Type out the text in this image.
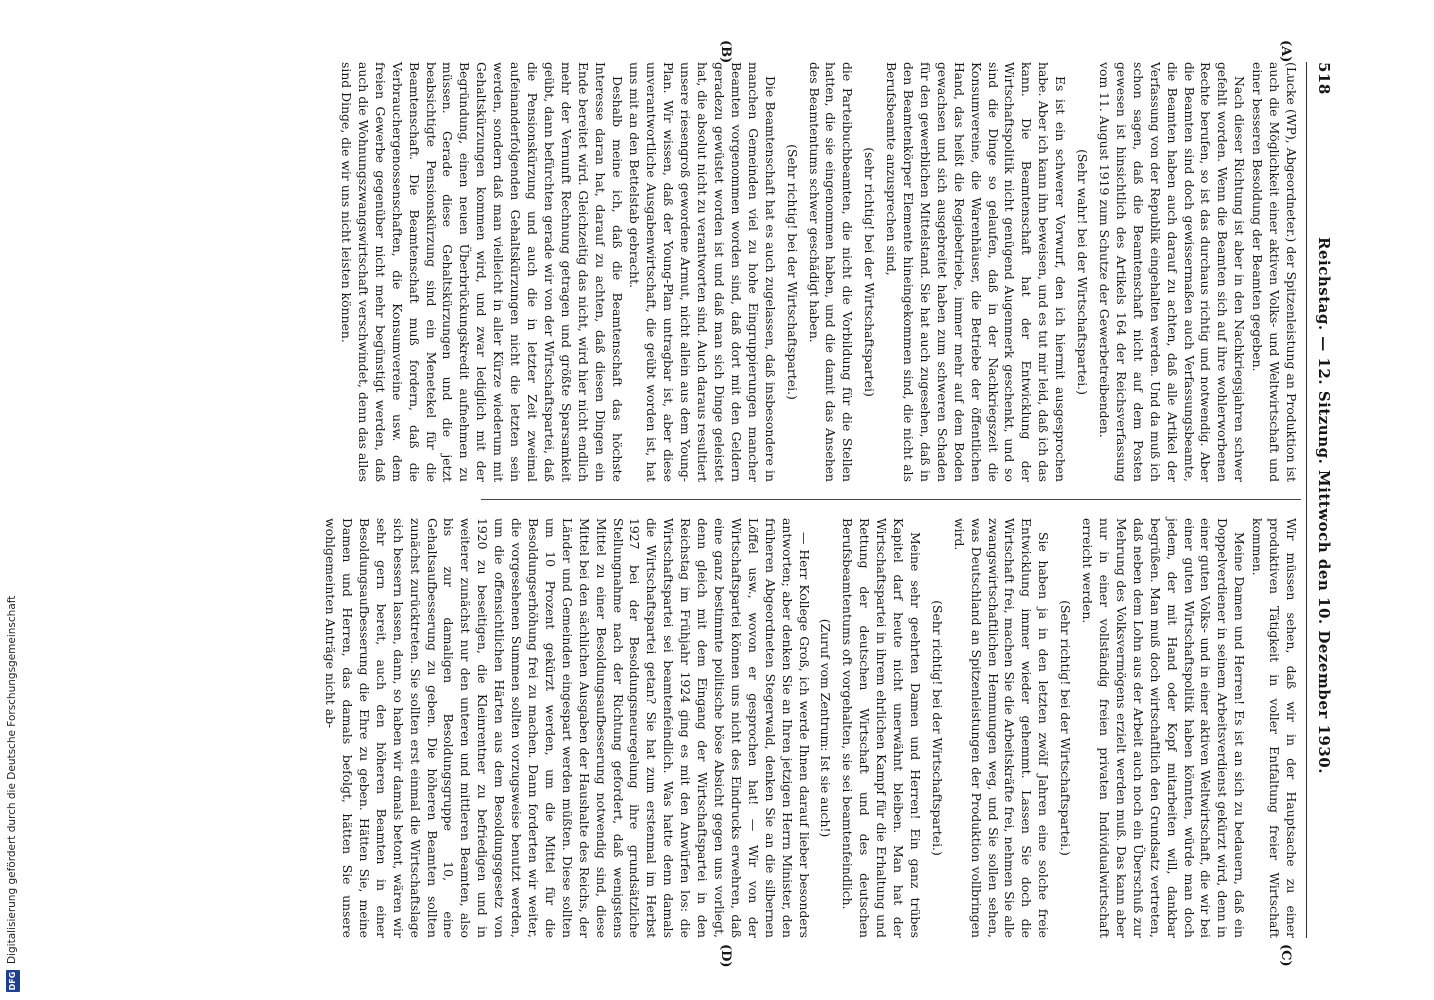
518
Reichstag. — 12. Sitzung. Mittwoch den 10. Dezember 1930.
(A)
(B)
(C)
(D)

(Lucke (WP), Abgeordneter.) der Spitzenleistung an Produktion ist auch die Möglichkeit einer aktiven Volks- und Weltwirtschaft und einer besseren Besoldung der Beamten gegeben.

Nach dieser Richtung ist aber in den Nachkriegsjahren schwer gefehlt worden. Wenn die Beamten sich auf ihre wohlerworbenen Rechte berufen, so ist das durchaus richtig und notwendig. Aber die Beamten sind doch gewissermaßen auch Verfassungsbeamte, die Beamten haben auch darauf zu achten, daß alle Artikel der Verfassung von der Republik eingehalten werden. Und da muß ich schon sagen, daß die Beamtenschaft nicht auf dem Posten gewesen ist hinsichtlich des Artikels 164 der Reichsverfassung vom 11. August 1919 zum Schutze der Gewerbetreibenden.

(Sehr wahr! bei der Wirtschaftspartei.)

Es ist ein schwerer Vorwurf, den ich hiermit ausgesprochen habe. Aber ich kann ihn beweisen, und es tut mir leid, daß ich das kann. Die Beamtenschaft hat der Entwicklung der Wirtschaftspolitik nicht genügend Augenmerk geschenkt, und so sind die Dinge so gelaufen, daß in der Nachkriegszeit die Konsumvereine, die Warenhäuser, die Betriebe der öffentlichen Hand, das heißt die Regiebetriebe, immer mehr auf dem Boden gewachsen und sich ausgebreitet haben zum schweren Schaden für den gewerblichen Mittelstand. Sie hat auch zugesehen, daß in den Beamtenkörper Elemente hineingekommen sind, die nicht als Berufsbeamte anzusprechen sind,

(sehr richtig! bei der Wirtschaftspartei)

die Parteibuchbeamten, die nicht die Vorbildung für die Stellen hatten, die sie eingenommen haben, und die damit das Ansehen des Beamtentums schwer geschädigt haben.

(Sehr richtig! bei der Wirtschaftspartei.)

Die Beamtenschaft hat es auch zugelassen, daß insbesondere in manchen Gemeinden viel zu hohe Eingruppierungen mancher Beamten vorgenommen worden sind, daß dort mit den Geldern geradezu gewüstet worden ist und daß man sich Dinge geleistet hat, die absolut nicht zu verantworten sind. Auch daraus resultiert unsere riesengroß gewordene Armut, nicht allein aus dem Young-Plan. Wir wissen, daß der Young-Plan untragbar ist, aber diese unverantwortliche Ausgabenwirtschaft, die geübt worden ist, hat uns mit an den Bettelstab gebracht.

Deshalb meine ich, daß die Beamtenschaft das höchste Interesse daran hat, darauf zu achten, daß diesen Dingen ein Ende bereitet wird. Gleichzeitig das nicht, wird hier nicht endlich mehr der Vernunft Rechnung getragen und größte Sparsamkeit geübt, dann befürchten gerade wir von der Wirtschaftspartei, daß die Pensionskürzung und auch die in letzter Zeit zweimal aufeinanderfolgenden Gehaltskürzungen nicht die letzten sein werden, sondern daß man vielleicht in aller Kürze wiederum mit Gehaltskürzungen kommen wird, und zwar lediglich mit der Begründung, einen neuen Überbrückungskredit aufnehmen zu müssen. Gerade diese Gehaltskürzungen und die jetzt beabsichtigte Pensionskürzung sind ein Menetekel für die Beamtenschaft. Die Beamtenschaft muß fordern, daß die Verbrauchergenossenschaften, die Konsumvereine usw. dem freien Gewerbe gegenüber nicht mehr begünstigt werden, daß auch die Wohnungszwangswirtschaft verschwindet, denn das alles sind Dinge, die wir uns nicht leisten können.

Wir müssen sehen, daß wir in der Hauptsache zu einer produktiven Tätigkeit in voller Entfaltung freier Wirtschaft kommen.

Meine Damen und Herren! Es ist an sich zu bedauern, daß ein Doppelverdiener in seinem Arbeitsverdienst gekürzt wird, denn in einer guten Volks- und in einer aktiven Weltwirtschaft, die wir bei einer guten Wirtschaftspolitik haben könnten, würde man doch jedem, der mit Hand oder Kopf mitarbeiten will, dankbar begrüßen. Man muß doch wirtschaftlich den Grundsatz vertreten, daß neben dem Lohn aus der Arbeit auch noch ein Überschuß zur Mehrung des Volksvermögens erzielt werden muß. Das kann aber nur in einer vollständig freien privaten Individualwirtschaft erreicht werden.

(Sehr richtig! bei der Wirtschaftspartei.)

Sie haben ja in den letzten zwölf Jahren eine solche freie Entwicklung immer wieder gehemmt. Lassen Sie doch die Wirtschaft frei, machen Sie die Arbeitskräfte frei, nehmen Sie alle zwangswirtschaftlichen Hemmungen weg, und Sie sollen sehen, was Deutschland an Spitzenleistungen der Produktion vollbringen wird.

(Sehr richtig! bei der Wirtschaftspartei.)

Meine sehr geehrten Damen und Herren! Ein ganz trübes Kapitel darf heute nicht unerwähnt bleiben. Man hat der Wirtschaftspartei in ihrem ehrlichen Kampf für die Erhaltung und Rettung der deutschen Wirtschaft und des deutschen Berufsbeamtentums oft vorgehalten, sie sei beamtenfeindlich.

(Zuruf vom Zentrum: Ist sie auch!)

— Herr Kollege Groß, ich werde Ihnen darauf lieber besonders antworten; aber denken Sie an Ihren jetzigen Herrn Minister, den früheren Abgeordneten Stegerwald, denken Sie an die silbernen Löffel usw., wovon er gesprochen hat! — Wir von der Wirtschaftspartei können uns nicht des Eindrucks erwehren, daß eine ganz bestimmte politische böse Absicht gegen uns vorliegt, denn gleich mit dem Eingang der Wirtschaftspartei in den Reichstag im Frühjahr 1924 ging es mit den Anwürfen los: die Wirtschaftspartei sei beamtenfeindlich. Was hatte denn damals die Wirtschaftspartei getan? Sie hat zum erstenmal im Herbst 1927 bei der Besoldungsneuregelung ihre grundsätzliche Stellungnahme nach der Richtung gefordert, daß wenigstens Mittel zu einer Besoldungsaufbesserung notwendig sind, diese Mittel bei den sächlichen Ausgaben der Haushalte des Reichs, der Länder und Gemeinden eingespart werden müßten. Diese sollten um 10 Prozent gekürzt werden, um die Mittel für die Besoldungserhöhung frei zu machen. Dann forderten wir weiter, die vorgesehenen Summen sollten vorzugsweise benutzt werden, um die offensichtlichen Härten aus dem Besoldungsgesetz von 1920 zu beseitigen, die Kleinrentner zu befriedigen und in weiterer zunächst nur den unteren und mittleren Beamten, also bis zur damaligen Besoldungsgruppe 10, eine Gehaltsaufbesserung zu geben. Die höheren Beamten sollten zunächst zurücktreten. Sie sollten erst einmal die Wirtschaftslage sich bessern lassen, dann, so haben wir damals betont, wären wir sehr gern bereit, auch den höheren Beamten in einer Besoldungsaufbesserung die Ehre zu geben. Hätten Sie, meine Damen und Herren, das damals befolgt, hätten Sie unsere wohlgemeinten Anträge nicht ab-

DFG
Digitalisierung gefördert durch die Deutsche Forschungsgemeinschaft
